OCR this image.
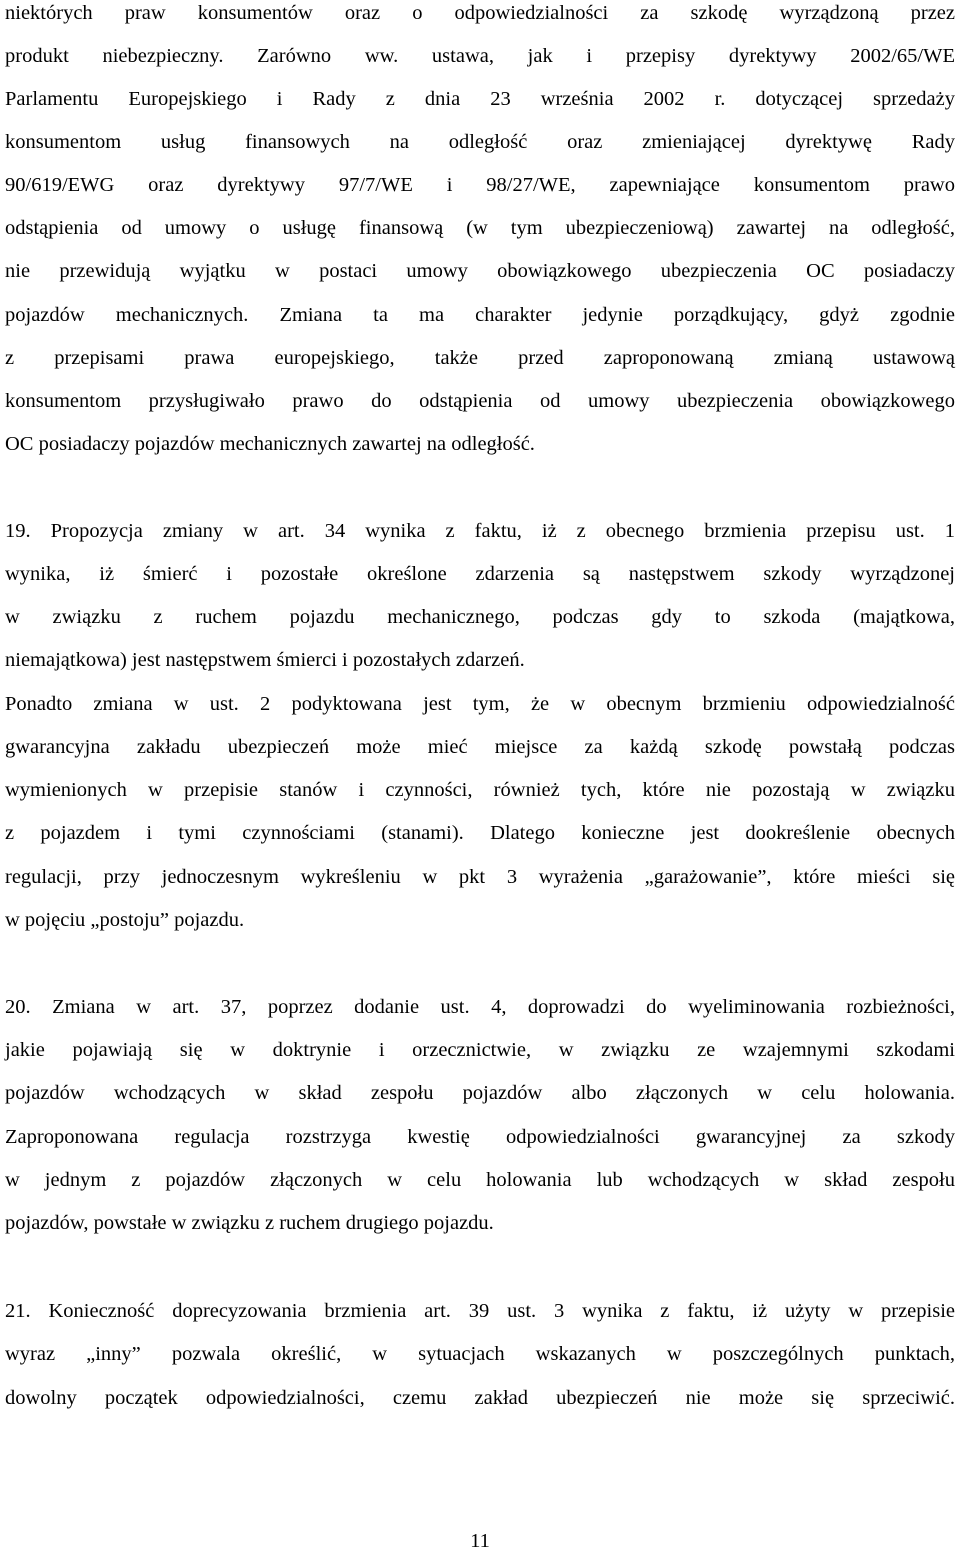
niektórych praw konsumentów oraz o odpowiedzialności za szkodę wyrządzoną przez
produkt niebezpieczny. Zarówno ww. ustawa, jak i przepisy dyrektywy 2002/65/WE
Parlamentu Europejskiego i Rady z dnia 23 września 2002 r. dotyczącej sprzedaży
konsumentom usług finansowych na odległość oraz zmieniającej dyrektywę Rady
90/619/EWG oraz dyrektywy 97/7/WE i 98/27/WE, zapewniające konsumentom prawo
odstąpienia od umowy o usługę finansową (w tym ubezpieczeniową) zawartej na odległość,
nie przewidują wyjątku w postaci umowy obowiązkowego ubezpieczenia OC posiadaczy
pojazdów mechanicznych. Zmiana ta ma charakter jedynie porządkujący, gdyż zgodnie
z przepisami prawa europejskiego, także przed zaproponowaną zmianą ustawową
konsumentom przysługiwało prawo do odstąpienia od umowy ubezpieczenia obowiązkowego
OC posiadaczy pojazdów mechanicznych zawartej na odległość.
19. Propozycja zmiany w art. 34 wynika z faktu, iż z obecnego brzmienia przepisu ust. 1
wynika, iż śmierć i pozostałe określone zdarzenia są następstwem szkody wyrządzonej
w związku z ruchem pojazdu mechanicznego, podczas gdy to szkoda (majątkowa,
niemajątkowa) jest następstwem śmierci i pozostałych zdarzeń.
Ponadto zmiana w ust. 2 podyktowana jest tym, że w obecnym brzmieniu odpowiedzialność
gwarancyjna zakładu ubezpieczeń może mieć miejsce za każdą szkodę powstałą podczas
wymienionych w przepisie stanów i czynności, również tych, które nie pozostają w związku
z pojazdem i tymi czynnościami (stanami). Dlatego konieczne jest dookreślenie obecnych
regulacji, przy jednoczesnym wykreśleniu w pkt 3 wyrażenia „garażowanie”, które mieści się
w pojęciu „postoju” pojazdu.
20. Zmiana w art. 37, poprzez dodanie ust. 4, doprowadzi do wyeliminowania rozbieżności,
jakie pojawiają się w doktrynie i orzecznictwie, w związku ze wzajemnymi szkodami
pojazdów wchodzących w skład zespołu pojazdów albo złączonych w celu holowania.
Zaproponowana regulacja rozstrzyga kwestię odpowiedzialności gwarancyjnej za szkody
w jednym z pojazdów złączonych w celu holowania lub wchodzących w skład zespołu
pojazdów, powstałe w związku z ruchem drugiego pojazdu.
21. Konieczność doprecyzowania brzmienia art. 39 ust. 3 wynika z faktu, iż użyty w przepisie
wyraz „inny” pozwala określić, w sytuacjach wskazanych w poszczególnych punktach,
dowolny początek odpowiedzialności, czemu zakład ubezpieczeń nie może się sprzeciwić.
11
